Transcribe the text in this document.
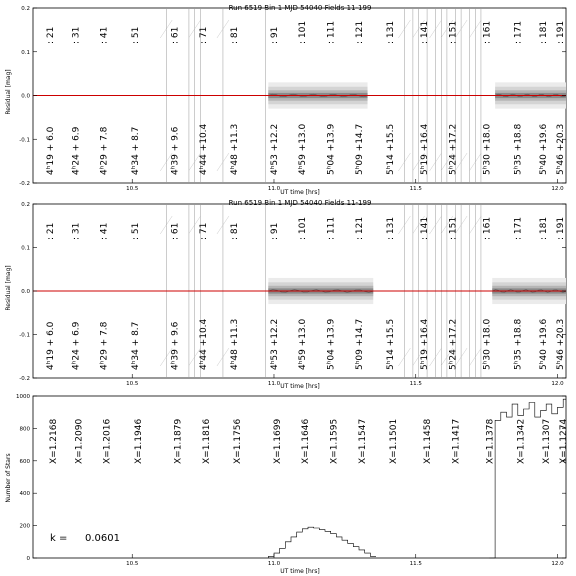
Run 6519 Bin 1 MJD 54040 Fields 11-199
Residual [mag]
UT time [hrs]
: 21 : 31 : 41 : 51	: 61 : 71 : 81	: 91 : 101 : 111 : 121 : 131	: 141 : 151	: 161 : 171 : 181 : 191
4ʰ19 + 6.0 4ʰ24 + 6.9 4ʰ29 + 7.8 4ʰ34 + 8.7	4ʰ39 + 9.6 4ʰ44 +10.4 4ʰ48 +11.3	4ʰ53 +12.2 4ʰ59 +13.0 5ʰ04 +13.9 5ʰ09 +14.7 5ʰ14 +15.5	5ʰ19 +16.4 5ʰ24 +17.2	5ʰ30 +18.0 5ʰ35 +18.8 5ʰ40 +19.6 5ʰ46 +20.3
-0.2
-0.1
0.0
0.1
0.2
10.5	11.0	11.5	12.0
Run 6519 Bin 1 MJD 54040 Fields 11-199
Residual [mag]
UT time [hrs]
: 21 : 31 : 41 : 51	: 61 : 71 : 81	: 91 : 101 : 111 : 121 : 131	: 141 : 151	: 161 : 171 : 181 : 191
4ʰ19 + 6.0 4ʰ24 + 6.9 4ʰ29 + 7.8 4ʰ34 + 8.7	4ʰ39 + 9.6 4ʰ44 +10.4 4ʰ48 +11.3	4ʰ53 +12.2 4ʰ59 +13.0 5ʰ04 +13.9 5ʰ09 +14.7 5ʰ14 +15.5	5ʰ19 +16.4 5ʰ24 +17.2	5ʰ30 +18.0 5ʰ35 +18.8 5ʰ40 +19.6 5ʰ46 +20.3
-0.2
-0.1
0.0
0.1
0.2
10.5	11.0	11.5	12.0
Number of Stars
UT time [hrs]
k = 0.0601
X=1.2168 X=1.2090 X=1.2016 X=1.1946	X=1.1879 X=1.1816 X=1.1756	X=1.1699 X=1.1646 X=1.1595 X=1.1547 X=1.1501	X=1.1458 X=1.1417	X=1.1378 X=1.1342 X=1.1307 X=1.1274
0
200
400
600
800
1000
10.5	11.0	11.5	12.0
